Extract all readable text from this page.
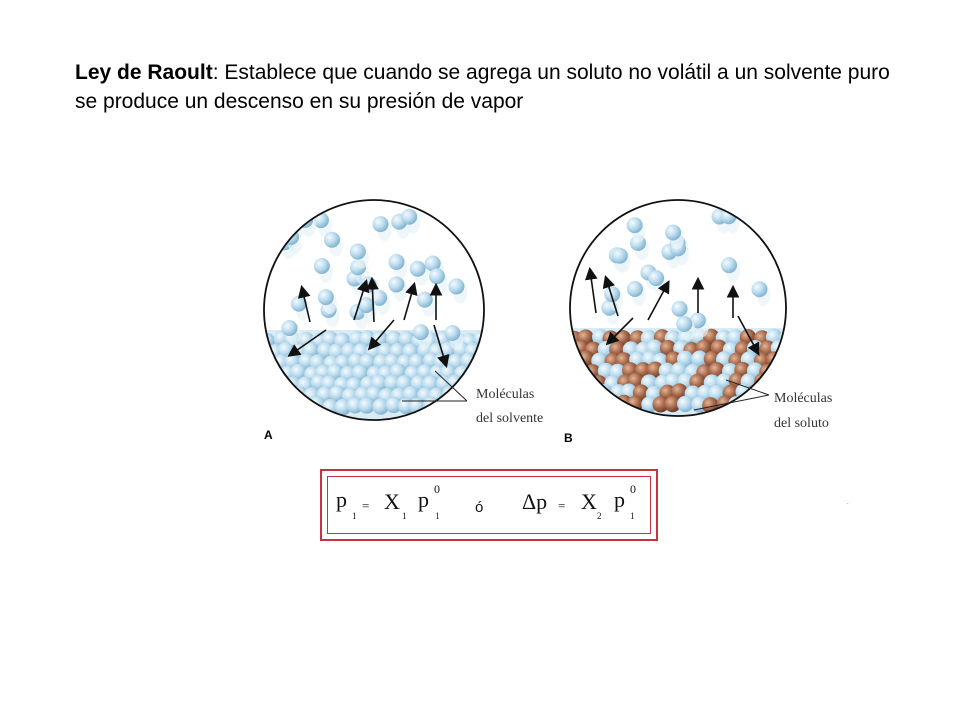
Ley de Raoult: Establece que cuando se agrega un soluto no volátil a un solvente puro se produce un descenso en su presión de vapor
Moléculas
del solvente
A
Moléculas
del soluto
B
p
1
= X
1
p 0
1 ó Δp = X
2
p 0
1
.
